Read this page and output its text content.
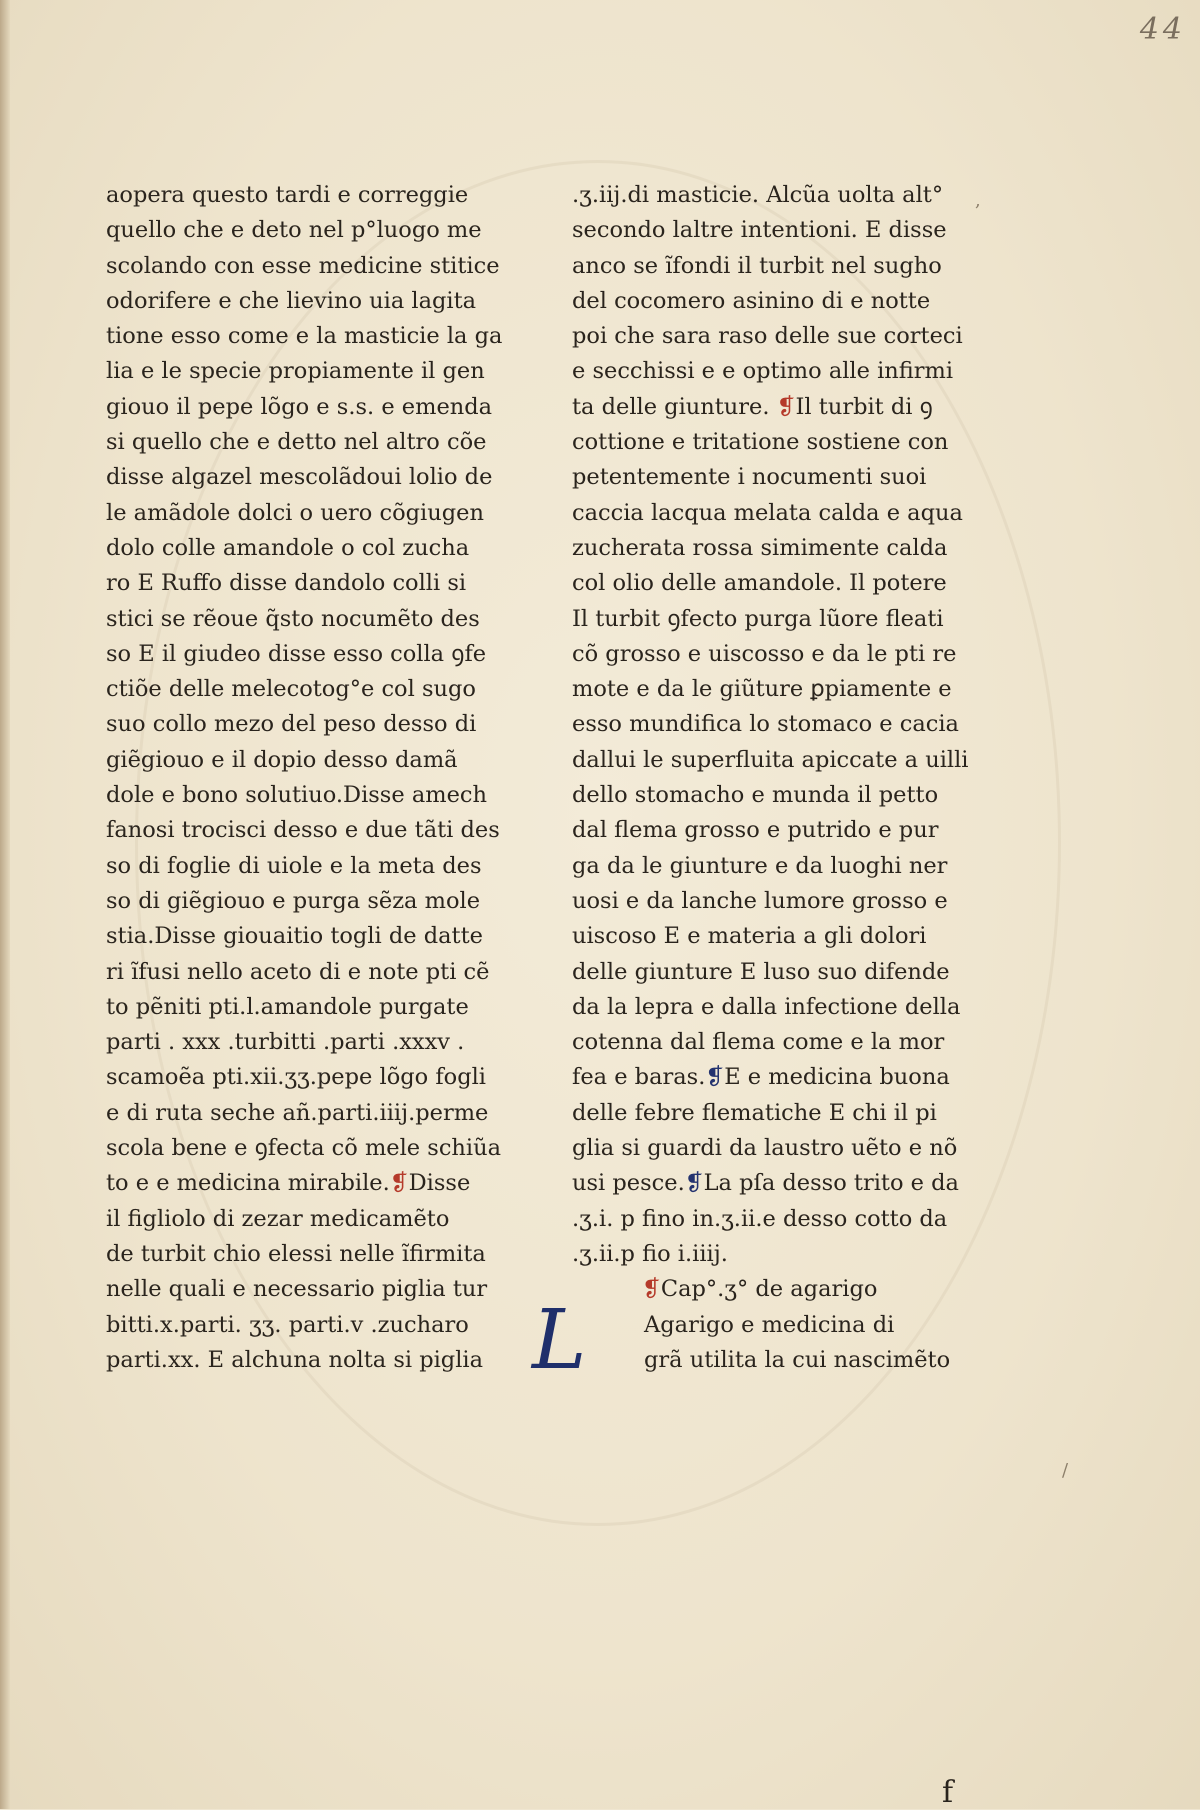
44
aopera questo tardi e correggie
quello che e deto nel p°luogo me
scolando con esse medicine stitice
odorifere e che lievino uia lagita
tione esso come e la masticie la ga
lia e le specie propiamente il gen
giouo il pepe lõgo e s.s. e emenda
si quello che e detto nel altro cõe
disse algazel mescolãdoui lolio de
le amãdole dolci o uero cõgiugen
dolo colle amandole o col zucha
ro E Ruffo disse dandolo colli si
stici se rẽoue q̃sto nocumẽto des
so E il giudeo disse esso colla ꝯfe
ctiõe delle melecotog°e col sugo
suo collo mezo del peso desso di
giẽgiouo e il dopio desso damã
dole e bono solutiuo.Disse amech
fanosi trocisci desso e due tãti des
so di foglie di uiole e la meta des
so di giẽgiouo e purga sẽza mole
stia.Disse giouaitio togli de datte
ri ĩfusi nello aceto di e note pti cẽ
to pẽniti pti.l.amandole purgate
parti . xxx .turbitti .parti .xxxv .
scamoẽa pti.xii.ʒʒ.pepe lõgo fogli
e di ruta seche añ.parti.iiij.perme
scola bene e ꝯfecta cõ mele schiũa
to e e medicina mirabile.❡Disse
il figliolo di zezar medicamẽto
de turbit chio elessi nelle ĩfirmita
nelle quali e necessario piglia tur
bitti.x.parti. ʒʒ. parti.v .zucharo
parti.xx. E alchuna nolta si piglia
.ʒ.iij.di masticie. Alcũa uolta alt°
secondo laltre intentioni. E disse
anco se ĩfondi il turbit nel sugho
del cocomero asinino di e notte
poi che sara raso delle sue corteci
e secchissi e e optimo alle infirmi
ta delle giunture. ❡Il turbit di ꝯ
cottione e tritatione sostiene con
petentemente i nocumenti suoi
caccia lacqua melata calda e aqua
zucherata rossa simimente calda
col olio delle amandole. Il potere
Il turbit ꝯfecto purga lũore fleati
cõ grosso e uiscosso e da le pti re
mote e da le giũture ꝑpiamente e
esso mundifica lo stomaco e cacia
dallui le superfluita apiccate a uilli
dello stomacho e munda il petto
dal flema grosso e putrido e pur
ga da le giunture e da luoghi ner
uosi e da lanche lumore grosso e
uiscoso E e materia a gli dolori
delle giunture E luso suo difende
da la lepra e dalla infectione della
cotenna dal flema come e la mor
fea e baras.❡E e medicina buona
delle febre flematiche E chi il pi
glia si guardi da laustro uẽto e nõ
usi pesce.❡La pſa desso trito e da
.ʒ.i. p fino in.ʒ.ii.e desso cotto da
.ʒ.ii.p fio i.iiij.
❡Cap°.ʒ° de agarigo
L	Agarigo e medicina di
grã utilita la cui nascimẽto
f
,
/
